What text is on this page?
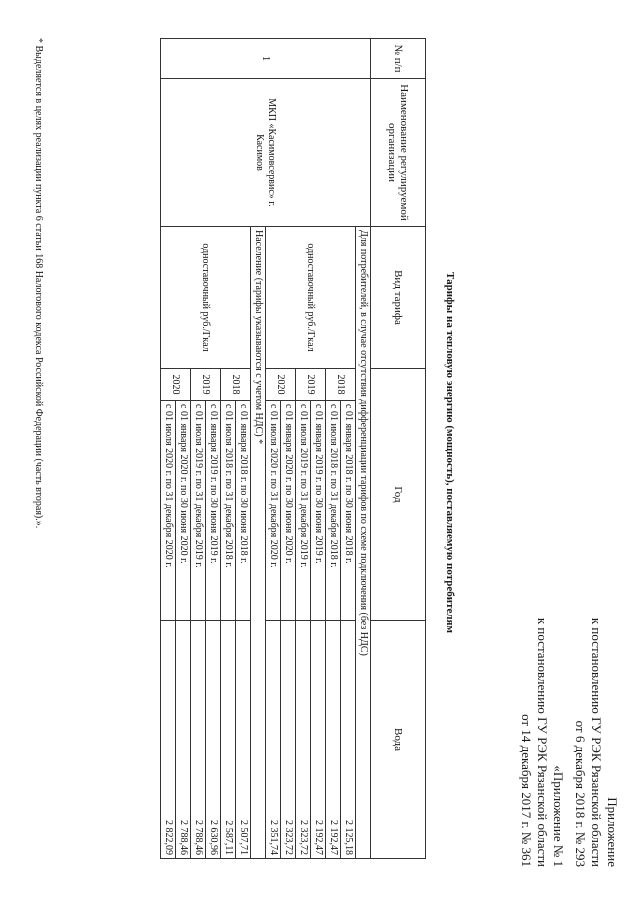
Приложение
к постановлению ГУ РЭК Рязанской области
от 6 декабря 2018 г. № 293
«Приложение № 1
к постановлению ГУ РЭК Рязанской области
от 14 декабря 2017 г. № 361
Тарифы на тепловую энергию (мощность), поставляемую потребителям
№ п/п	Наименование регулируемой организации	Вид тарифа	Год		Вода
1	МКП «Касимовсервис» г. Касимов	Для потребителей, в случае отсутствия дифференциации тарифов по схеме подключения (без НДС)			
		одноставочный руб./Гкал	2018	с 01 января 2018 г. по 30 июня 2018 г.	2 125,18
				с 01 июля 2018 г. по 31 декабря 2018 г.	2 192,47
			2019	с 01 января 2019 г. по 30 июня 2019 г.	2 192,47
				с 01 июля 2019 г. по 31 декабря 2019 г.	2 323,72
			2020	с 01 января 2020 г. по 30 июня 2020 г.	2 323,72
				с 01 июля 2020 г. по 31 декабря 2020 г.	2 351,74
		Население (тарифы указываются с учетом НДС) *			
		одноставочный руб./Гкал	2018	с 01 января 2018 г. по 30 июня 2018 г.	2 507,71
				с 01 июля 2018 г. по 31 декабря 2018 г.	2 587,11
			2019	с 01 января 2019 г. по 30 июня 2019 г.	2 630,96
				с 01 июля 2019 г. по 31 декабря 2019 г.	2 788,46
			2020	с 01 января 2020 г. по 30 июня 2020 г.	2 788,46
				с 01 июля 2020 г. по 31 декабря 2020 г.	2 822,09
* Выделяется в целях реализации пункта 6 статьи 168 Налогового кодекса Российской Федерации (часть вторая).».
